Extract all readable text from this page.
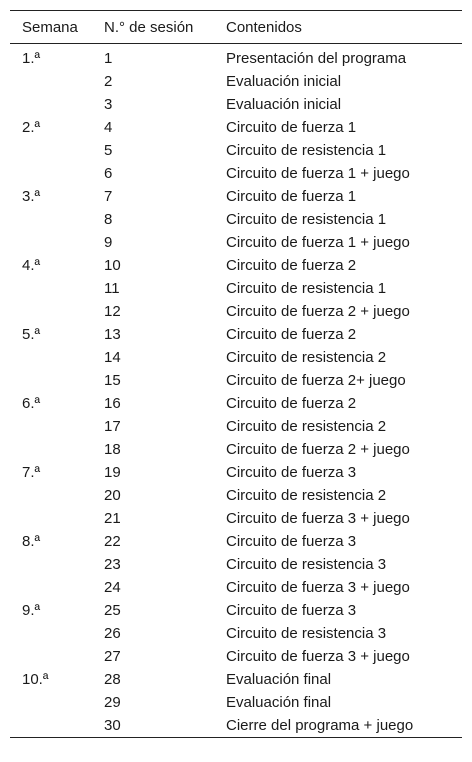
Semana	N.° de sesión	Contenidos
1.ª	1	Presentación del programa
	2	Evaluación inicial
	3	Evaluación inicial
2.ª	4	Circuito de fuerza 1
	5	Circuito de resistencia 1
	6	Circuito de fuerza 1 + juego
3.ª	7	Circuito de fuerza 1
	8	Circuito de resistencia 1
	9	Circuito de fuerza 1 + juego
4.ª	10	Circuito de fuerza 2
	11	Circuito de resistencia 1
	12	Circuito de fuerza 2 + juego
5.ª	13	Circuito de fuerza 2
	14	Circuito de resistencia 2
	15	Circuito de fuerza 2+ juego
6.ª	16	Circuito de fuerza 2
	17	Circuito de resistencia 2
	18	Circuito de fuerza 2 + juego
7.ª	19	Circuito de fuerza 3
	20	Circuito de resistencia 2
	21	Circuito de fuerza 3 + juego
8.ª	22	Circuito de fuerza 3
	23	Circuito de resistencia 3
	24	Circuito de fuerza 3 + juego
9.ª	25	Circuito de fuerza 3
	26	Circuito de resistencia 3
	27	Circuito de fuerza 3 + juego
10.ª	28	Evaluación final
	29	Evaluación final
	30	Cierre del programa + juego
